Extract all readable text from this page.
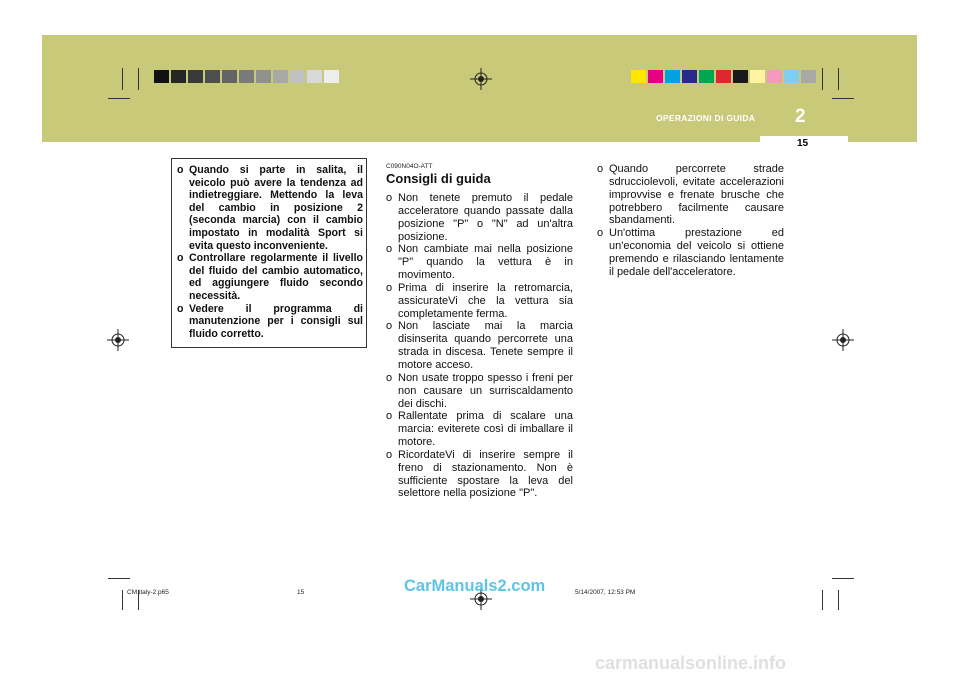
OPERAZIONI DI GUIDA 2
15
o Quando si parte in salita, il veicolo può avere la tendenza ad indietreggiare. Mettendo la leva del cambio in posizione 2 (seconda marcia) con il cambio impostato in modalità Sport si evita questo inconveniente.
o Controllare regolarmente il livello del fluido del cambio automatico, ed aggiungere fluido secondo necessità.
o Vedere il programma di manutenzione per i consigli sul fluido corretto.
C090N04O-ATT
Consigli di guida
o Non tenete premuto il pedale acceleratore quando passate dalla posizione "P" o "N" ad un'altra posizione.
o Non cambiate mai nella posizione "P" quando la vettura è in movimento.
o Prima di inserire la retromarcia, assicurateVi che la vettura sia completamente ferma.
o Non lasciate mai la marcia disinserita quando percorrete una strada in discesa. Tenete sempre il motore acceso.
o Non usate troppo spesso i freni per non causare un surriscaldamento dei dischi.
o Rallentate prima di scalare una marcia: eviterete così di imballare il motore.
o RicordateVi di inserire sempre il freno di stazionamento. Non è sufficiente spostare la leva del selettore nella posizione "P".
o Quando percorrete strade sdrucciolevoli, evitate accelerazioni improvvise e frenate brusche che potrebbero facilmente causare sbandamenti.
o Un'ottima prestazione ed un'economia del veicolo si ottiene premendo e rilasciando lentamente il pedale dell'acceleratore.
CM italy-2.p65	15	5/14/2007, 12:53 PM
CarManuals2.com
carmanualsonline.info
